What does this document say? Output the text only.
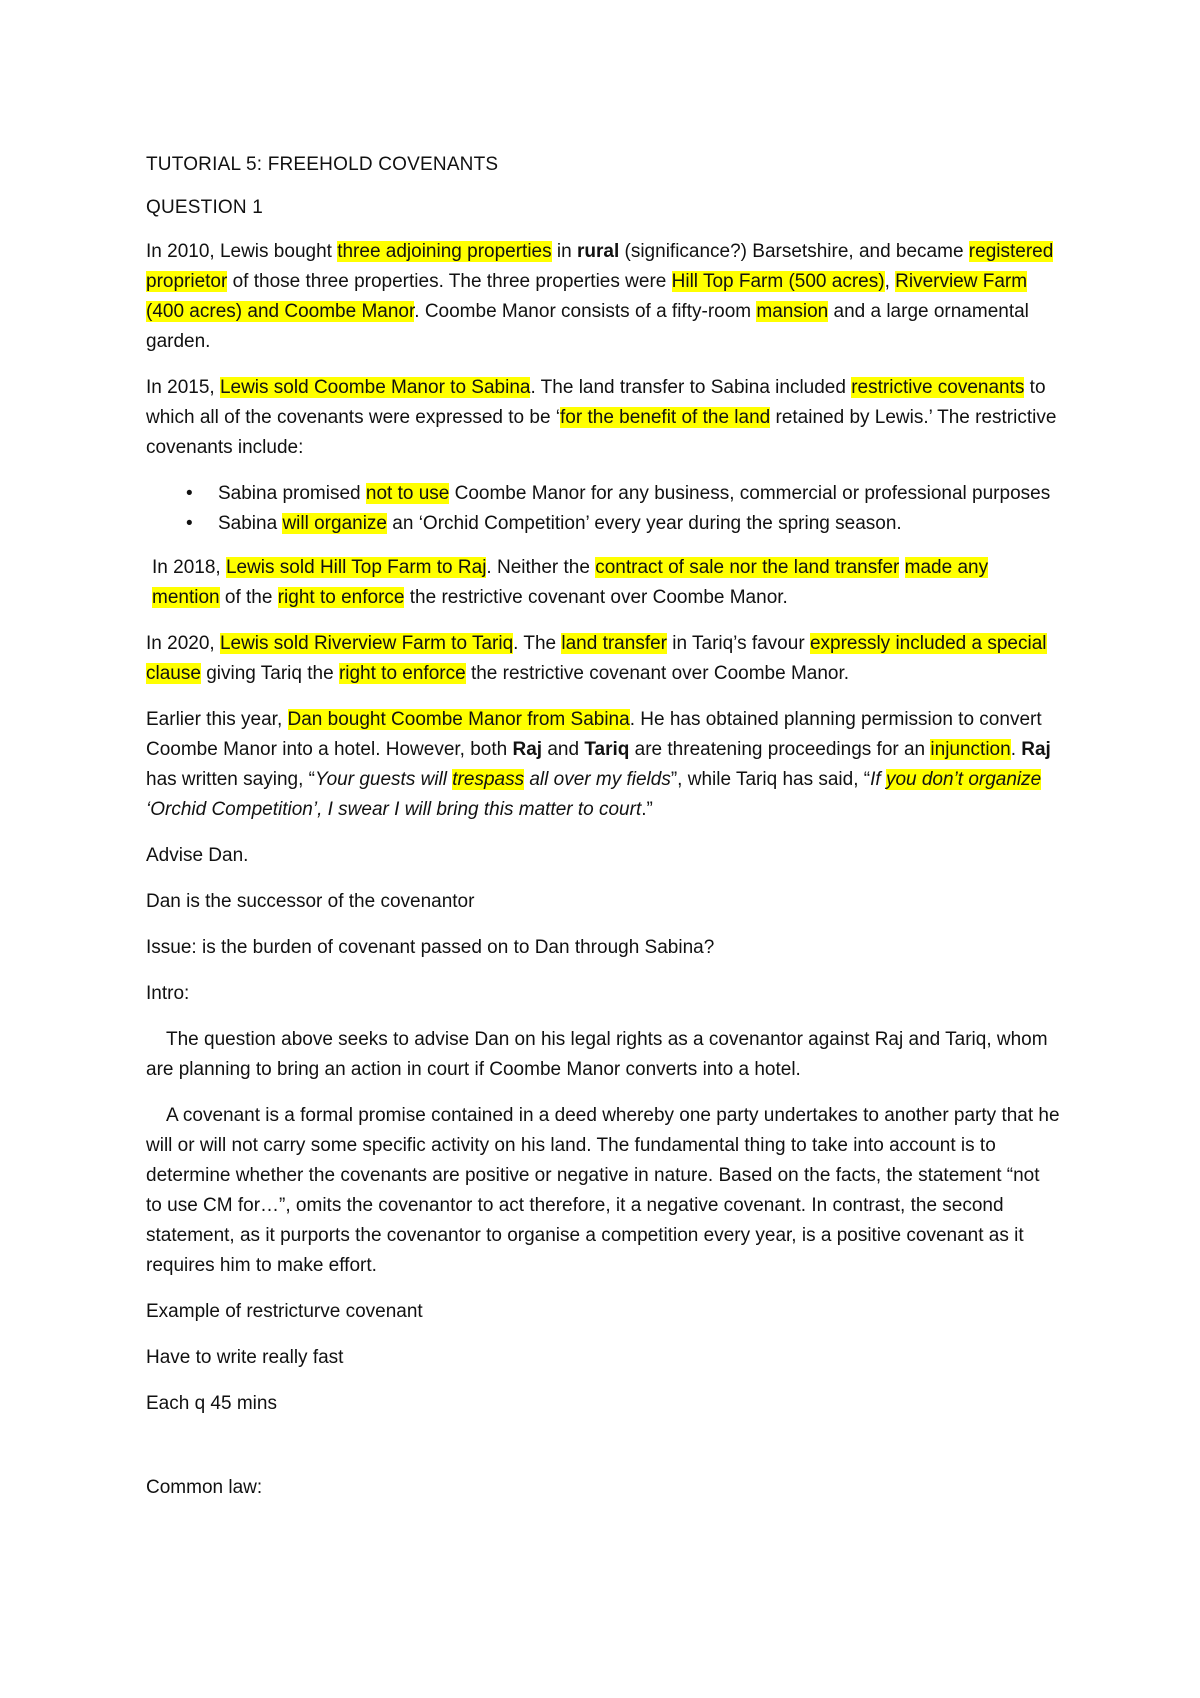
TUTORIAL 5: FREEHOLD COVENANTS

QUESTION 1

In 2010, Lewis bought three adjoining properties in rural (significance?) Barsetshire, and became registered proprietor of those three properties. The three properties were Hill Top Farm (500 acres), Riverview Farm (400 acres) and Coombe Manor. Coombe Manor consists of a fifty-room mansion and a large ornamental garden.

In 2015, Lewis sold Coombe Manor to Sabina. The land transfer to Sabina included restrictive covenants to which all of the covenants were expressed to be ‘for the benefit of the land retained by Lewis.’ The restrictive covenants include:

• Sabina promised not to use Coombe Manor for any business, commercial or professional purposes
• Sabina will organize an ‘Orchid Competition’ every year during the spring season.

In 2018, Lewis sold Hill Top Farm to Raj. Neither the contract of sale nor the land transfer made any mention of the right to enforce the restrictive covenant over Coombe Manor.

In 2020, Lewis sold Riverview Farm to Tariq. The land transfer in Tariq’s favour expressly included a special clause giving Tariq the right to enforce the restrictive covenant over Coombe Manor.

Earlier this year, Dan bought Coombe Manor from Sabina. He has obtained planning permission to convert Coombe Manor into a hotel. However, both Raj and Tariq are threatening proceedings for an injunction. Raj has written saying, “Your guests will trespass all over my fields”, while Tariq has said, “If you don’t organize ‘Orchid Competition’, I swear I will bring this matter to court.”

Advise Dan.

Dan is the successor of the covenantor

Issue: is the burden of covenant passed on to Dan through Sabina?

Intro:

The question above seeks to advise Dan on his legal rights as a covenantor against Raj and Tariq, whom are planning to bring an action in court if Coombe Manor converts into a hotel.

A covenant is a formal promise contained in a deed whereby one party undertakes to another party that he will or will not carry some specific activity on his land. The fundamental thing to take into account is to determine whether the covenants are positive or negative in nature. Based on the facts, the statement “not to use CM for…”, omits the covenantor to act therefore, it a negative covenant. In contrast, the second statement, as it purports the covenantor to organise a competition every year, is a positive covenant as it requires him to make effort.

Example of restricturve covenant

Have to write really fast

Each q 45 mins

Common law:
